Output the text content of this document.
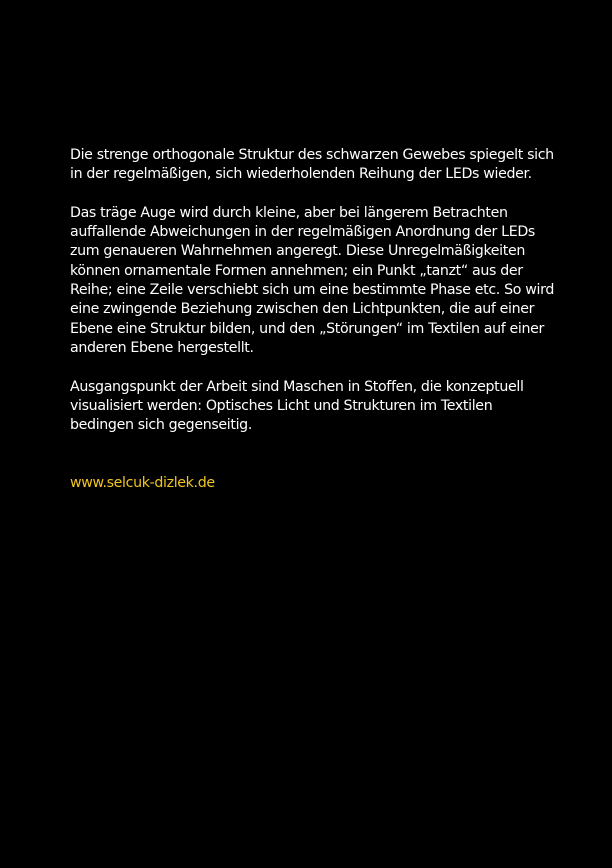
Die strenge orthogonale Struktur des schwarzen Gewebes spiegelt sich
in der regelmäßigen, sich wiederholenden Reihung der LEDs wieder.

Das träge Auge wird durch kleine, aber bei längerem Betrachten
auffallende Abweichungen in der regelmäßigen Anordnung der LEDs
zum genaueren Wahrnehmen angeregt. Diese Unregelmäßigkeiten
können ornamentale Formen annehmen; ein Punkt „tanzt“ aus der
Reihe; eine Zeile verschiebt sich um eine bestimmte Phase etc. So wird
eine zwingende Beziehung zwischen den Lichtpunkten, die auf einer
Ebene eine Struktur bilden, und den „Störungen“ im Textilen auf einer
anderen Ebene hergestellt.

Ausgangspunkt der Arbeit sind Maschen in Stoffen, die konzeptuell
visualisiert werden: Optisches Licht und Strukturen im Textilen
bedingen sich gegenseitig.

www.selcuk-dizlek.de
